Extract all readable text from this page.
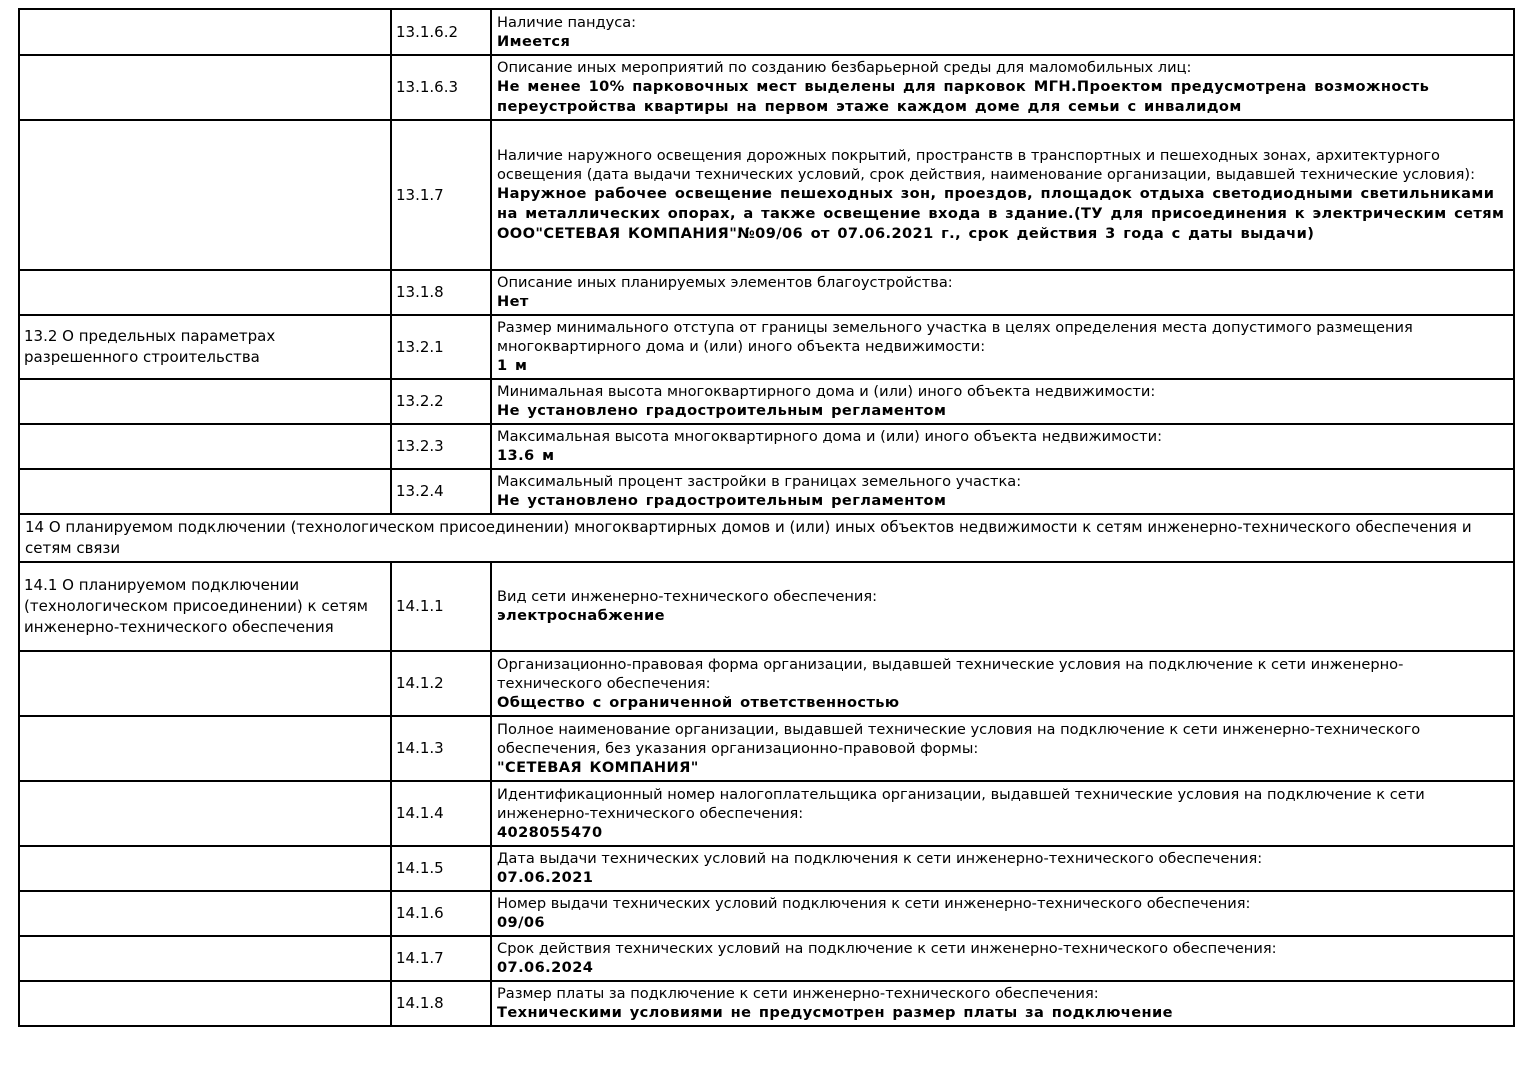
	13.1.6.2	Наличие пандуса:
Имеется

	13.1.6.3	Описание иных мероприятий по созданию безбарьерной среды для маломобильных лиц:
Не менее 10% парковочных мест выделены для парковок МГН.Проектом предусмотрена возможность переустройства квартиры на первом этаже каждом доме для семьи с инвалидом

	13.1.7	Наличие наружного освещения дорожных покрытий, пространств в транспортных и пешеходных зонах, архитектурного освещения (дата выдачи технических условий, срок действия, наименование организации, выдавшей технические условия):
Наружное рабочее освещение пешеходных зон, проездов, площадок отдыха светодиодными светильниками на металлических опорах, а также освещение входа в здание.(ТУ для присоединения к электрическим сетям ООО"СЕТЕВАЯ КОМПАНИЯ"№09/06 от 07.06.2021 г., срок действия 3 года с даты выдачи)

	13.1.8	Описание иных планируемых элементов благоустройства:
Нет

13.2 О предельных параметрах разрешенного строительства	13.2.1	Размер минимального отступа от границы земельного участка в целях определения места допустимого размещения многоквартирного дома и (или) иного объекта недвижимости:
1 м

	13.2.2	Минимальная высота многоквартирного дома и (или) иного объекта недвижимости:
Не установлено градостроительным регламентом

	13.2.3	Максимальная высота многоквартирного дома и (или) иного объекта недвижимости:
13.6 м

	13.2.4	Максимальный процент застройки в границах земельного участка:
Не установлено градостроительным регламентом

14 О планируемом подключении (технологическом присоединении) многоквартирных домов и (или) иных объектов недвижимости к сетям инженерно-технического обеспечения и сетям связи		
14.1 О планируемом подключении (технологическом присоединении) к сетям инженерно-технического обеспечения	14.1.1	Вид сети инженерно-технического обеспечения:
электроснабжение

	14.1.2	Организационно-правовая форма организации, выдавшей технические условия на подключение к сети инженерно-технического обеспечения:
Общество с ограниченной ответственностью

	14.1.3	Полное наименование организации, выдавшей технические условия на подключение к сети инженерно-технического обеспечения, без указания организационно-правовой формы:
"СЕТЕВАЯ КОМПАНИЯ"

	14.1.4	Идентификационный номер налогоплательщика организации, выдавшей технические условия на подключение к сети инженерно-технического обеспечения:
4028055470

	14.1.5	Дата выдачи технических условий на подключения к сети инженерно-технического обеспечения:
07.06.2021

	14.1.6	Номер выдачи технических условий подключения к сети инженерно-технического обеспечения:
09/06

	14.1.7	Срок действия технических условий на подключение к сети инженерно-технического обеспечения:
07.06.2024

	14.1.8	Размер платы за подключение к сети инженерно-технического обеспечения:
Техническими условиями не предусмотрен размер платы за подключение
